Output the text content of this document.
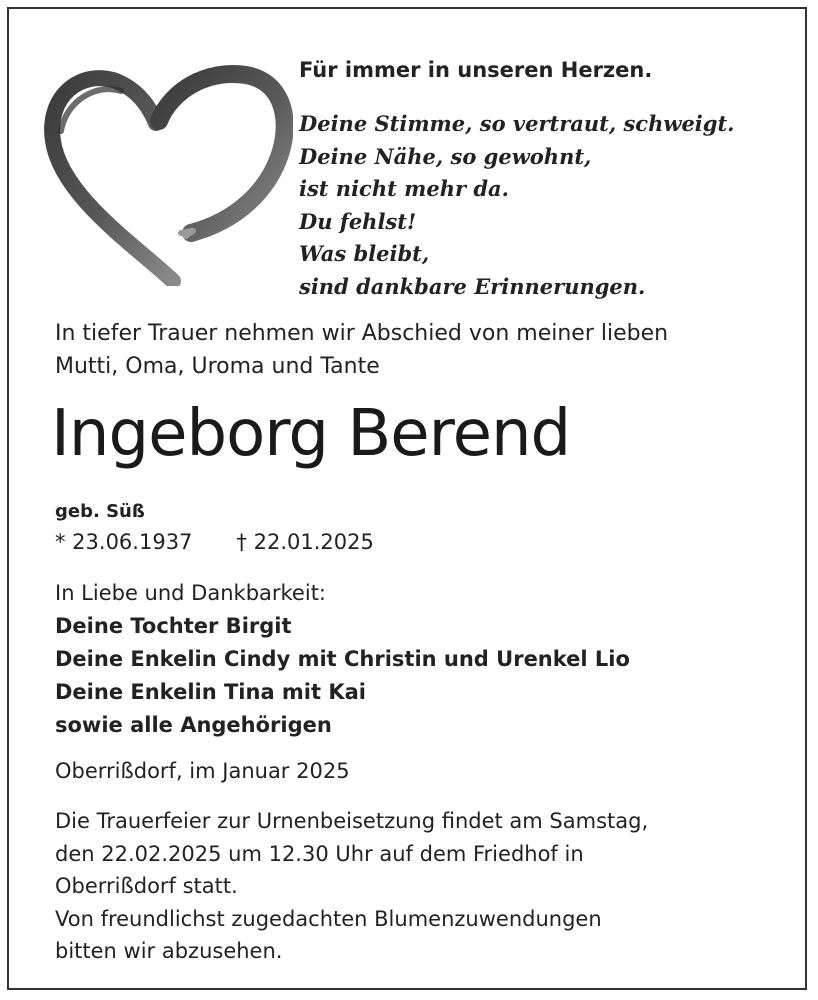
Für immer in unseren Herzen.
Deine Stimme, so vertraut, schweigt.
Deine Nähe, so gewohnt,
ist nicht mehr da.
Du fehlst!
Was bleibt,
sind dankbare Erinnerungen.
In tiefer Trauer nehmen wir Abschied von meiner lieben
Mutti, Oma, Uroma und Tante
Ingeborg Berend
geb. Süß
* 23.06.1937 † 22.01.2025
In Liebe und Dankbarkeit:
Deine Tochter Birgit
Deine Enkelin Cindy mit Christin und Urenkel Lio
Deine Enkelin Tina mit Kai
sowie alle Angehörigen
Oberrißdorf, im Januar 2025
Die Trauerfeier zur Urnenbeisetzung findet am Samstag,
den 22.02.2025 um 12.30 Uhr auf dem Friedhof in
Oberrißdorf statt.
Von freundlichst zugedachten Blumenzuwendungen
bitten wir abzusehen.
